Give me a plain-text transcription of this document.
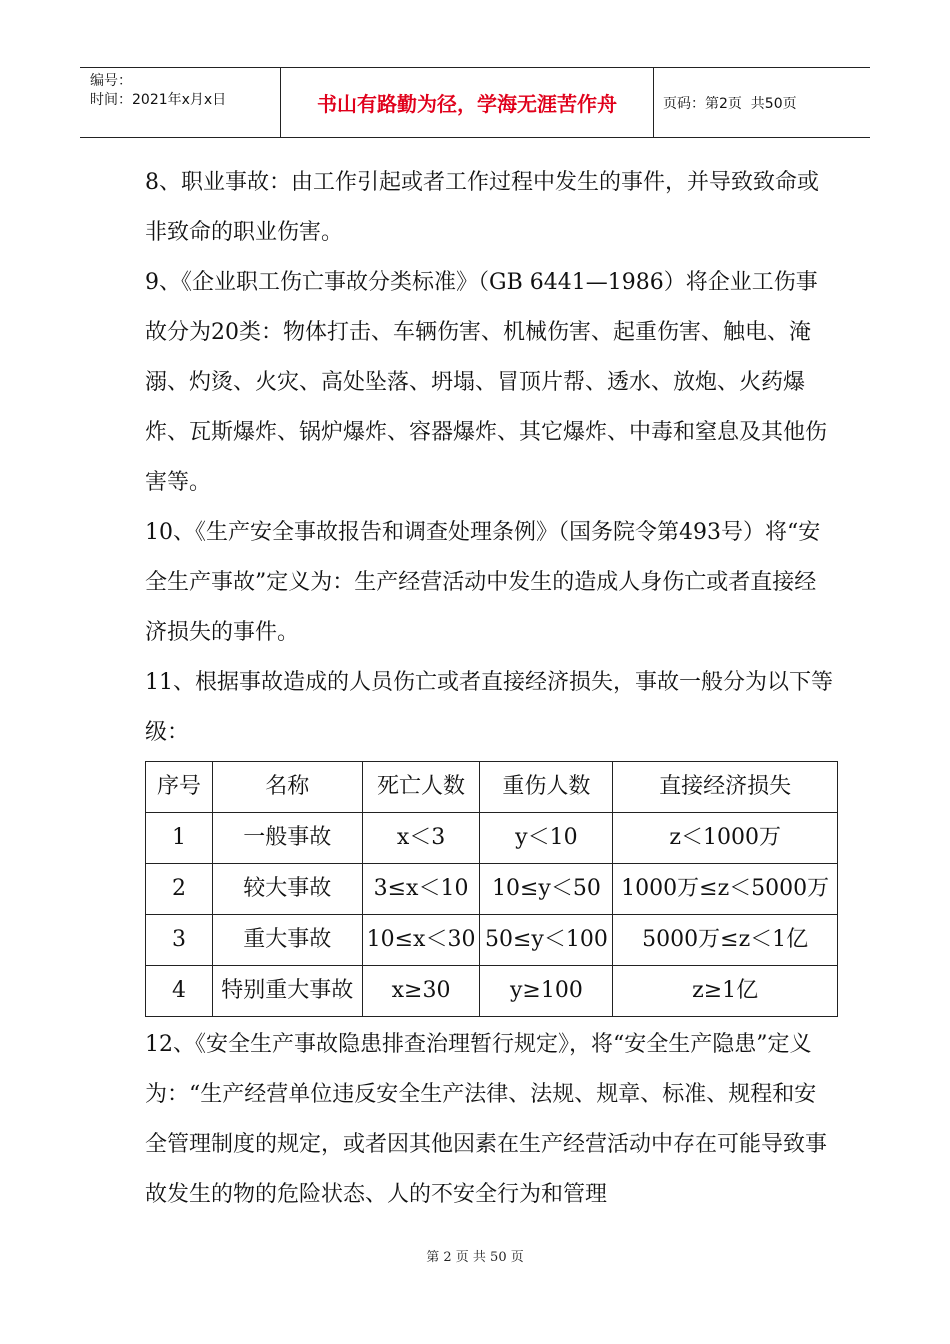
编号：
时间：2021年x月x日	书山有路勤为径，学海无涯苦作舟	页码：第2页  共50页

8、职业事故：由工作引起或者工作过程中发生的事件，并导致致命或非致命的职业伤害。

9、《企业职工伤亡事故分类标准》（GB 6441—1986）将企业工伤事故分为20类：物体打击、车辆伤害、机械伤害、起重伤害、触电、淹溺、灼烫、火灾、高处坠落、坍塌、冒顶片帮、透水、放炮、火药爆炸、瓦斯爆炸、锅炉爆炸、容器爆炸、其它爆炸、中毒和窒息及其他伤害等。

10、《生产安全事故报告和调查处理条例》（国务院令第493号）将“安全生产事故”定义为：生产经营活动中发生的造成人身伤亡或者直接经济损失的事件。

11、根据事故造成的人员伤亡或者直接经济损失，事故一般分为以下等级：

序号	名称	死亡人数	重伤人数	直接经济损失
1	一般事故	x＜3	y＜10	z＜1000万
2	较大事故	3≤x＜10	10≤y＜50	1000万≤z＜5000万
3	重大事故	10≤x＜30	50≤y＜100	5000万≤z＜1亿
4	特别重大事故	x≥30	y≥100	z≥1亿

12、《安全生产事故隐患排查治理暂行规定》，将“安全生产隐患”定义为：“生产经营单位违反安全生产法律、法规、规章、标准、规程和安全管理制度的规定，或者因其他因素在生产经营活动中存在可能导致事故发生的物的危险状态、人的不安全行为和管理

第 2 页 共 50 页
